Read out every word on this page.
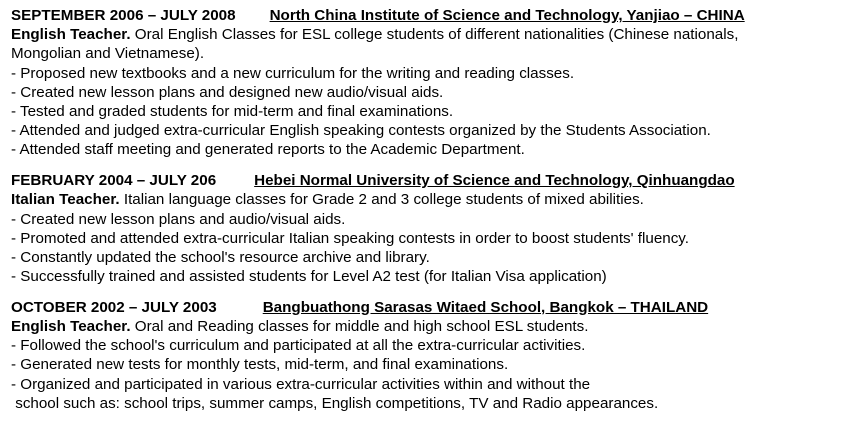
SEPTEMBER 2006 – JULY 2008 North China Institute of Science and Technology, Yanjiao – CHINA
English Teacher. Oral English Classes for ESL college students of different nationalities (Chinese nationals,
Mongolian and Vietnamese).
- Proposed new textbooks and a new curriculum for the writing and reading classes.
- Created new lesson plans and designed new audio/visual aids.
- Tested and graded students for mid-term and final examinations.
- Attended and judged extra-curricular English speaking contests organized by the Students Association.
- Attended staff meeting and generated reports to the Academic Department.
FEBRUARY 2004 – JULY 206	Hebei Normal University of Science and Technology, Qinhuangdao
Italian Teacher. Italian language classes for Grade 2 and 3 college students of mixed abilities.
- Created new lesson plans and audio/visual aids.
- Promoted and attended extra-curricular Italian speaking contests in order to boost students' fluency.
- Constantly updated the school's resource archive and library.
- Successfully trained and assisted students for Level A2 test (for Italian Visa application)
OCTOBER 2002 – JULY 2003	Bangbuathong Sarasas Witaed School, Bangkok – THAILAND
English Teacher. Oral and Reading classes for middle and high school ESL students.
- Followed the school's curriculum and participated at all the extra-curricular activities.
- Generated new tests for monthly tests, mid-term, and final examinations.
- Organized and participated in various extra-curricular activities within and without the
school such as: school trips, summer camps, English competitions, TV and Radio appearances.
